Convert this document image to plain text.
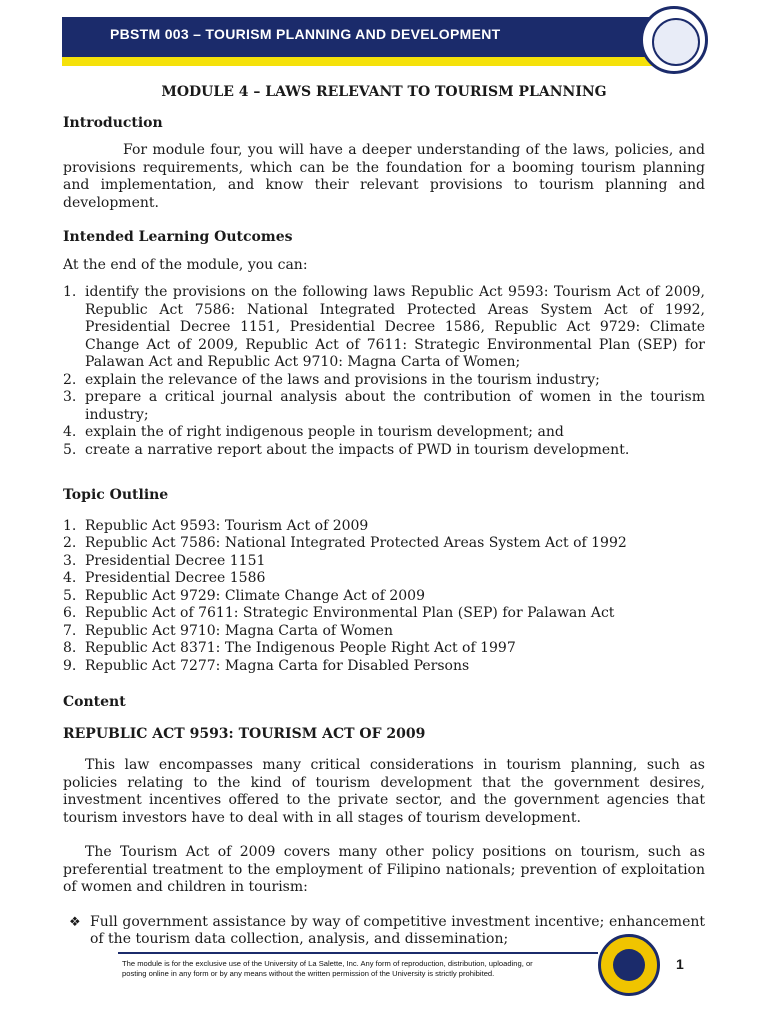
PBSTM 003 – TOURISM PLANNING AND DEVELOPMENT

MODULE 4 – LAWS RELEVANT TO TOURISM PLANNING

Introduction

For module four, you will have a deeper understanding of the laws, policies, and provisions requirements, which can be the foundation for a booming tourism planning and implementation, and know their relevant provisions to tourism planning and development.

Intended Learning Outcomes

At the end of the module, you can:

1. identify the provisions on the following laws Republic Act 9593: Tourism Act of 2009, Republic Act 7586: National Integrated Protected Areas System Act of 1992, Presidential Decree 1151, Presidential Decree 1586, Republic Act 9729: Climate Change Act of 2009, Republic Act of 7611: Strategic Environmental Plan (SEP) for Palawan Act and Republic Act 9710: Magna Carta of Women;
2. explain the relevance of the laws and provisions in the tourism industry;
3. prepare a critical journal analysis about the contribution of women in the tourism industry;
4. explain the of right indigenous people in tourism development; and
5. create a narrative report about the impacts of PWD in tourism development.
Topic Outline
1. Republic Act 9593: Tourism Act of 2009
2. Republic Act 7586: National Integrated Protected Areas System Act of 1992
3. Presidential Decree 1151
4. Presidential Decree 1586
5. Republic Act 9729: Climate Change Act of 2009
6. Republic Act of 7611: Strategic Environmental Plan (SEP) for Palawan Act
7. Republic Act 9710: Magna Carta of Women
8. Republic Act 8371: The Indigenous People Right Act of 1997
9. Republic Act 7277: Magna Carta for Disabled Persons
Content
REPUBLIC ACT 9593: TOURISM ACT OF 2009

This law encompasses many critical considerations in tourism planning, such as policies relating to the kind of tourism development that the government desires, investment incentives offered to the private sector, and the government agencies that tourism investors have to deal with in all stages of tourism development.

The Tourism Act of 2009 covers many other policy positions on tourism, such as preferential treatment to the employment of Filipino nationals; prevention of exploitation of women and children in tourism:

❖ Full government assistance by way of competitive investment incentive; enhancement of the tourism data collection, analysis, and dissemination;
The module is for the exclusive use of the University of La Salette, Inc. Any form of reproduction, distribution, uploading, or posting online in any form or by any means without the written permission of the University is strictly prohibited.
1
